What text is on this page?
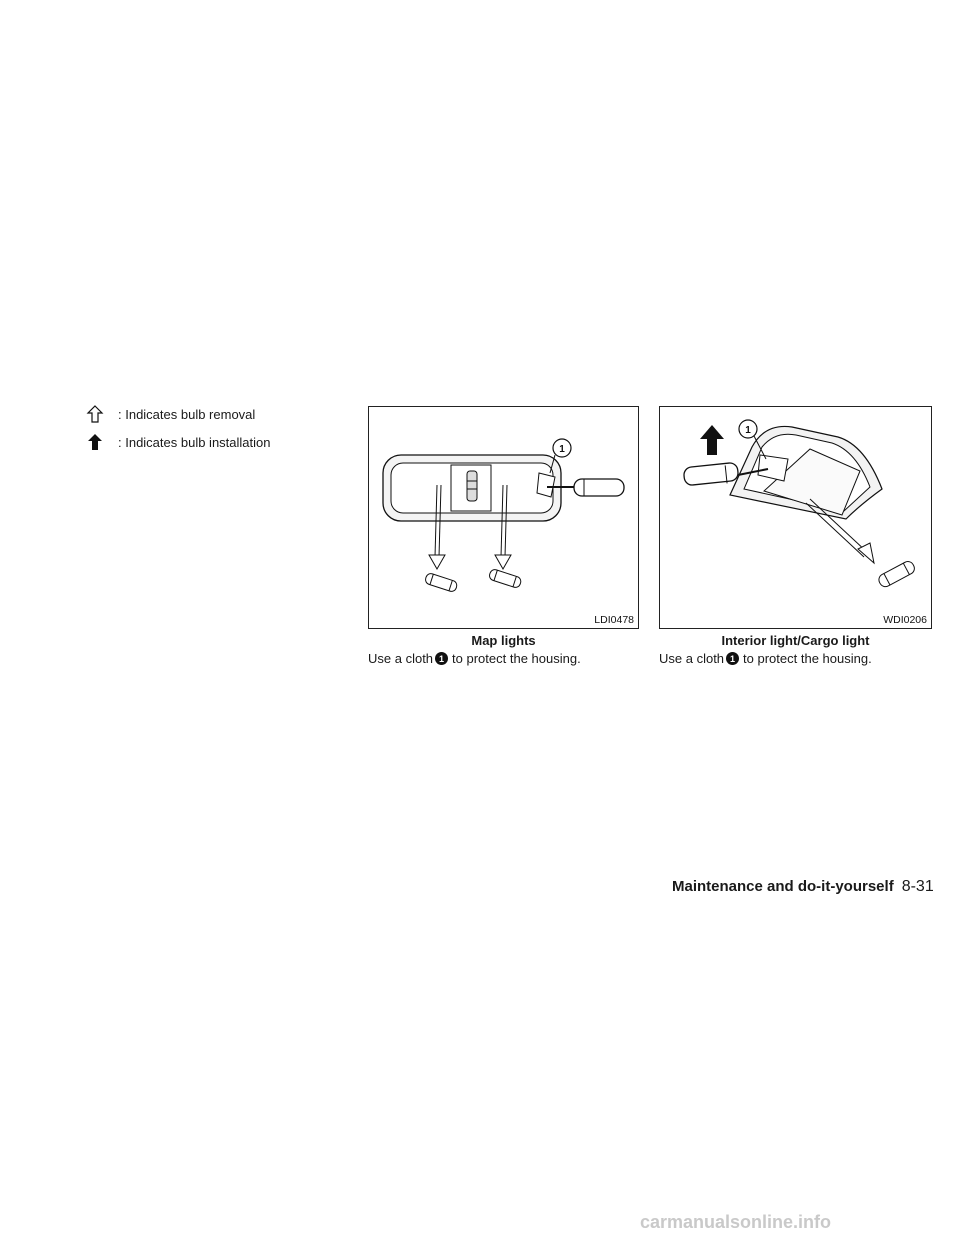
: Indicates bulb removal
: Indicates bulb installation	1
LDI0478
Map lights
Use a cloth 1 to protect the housing.
1
WDI0206
Interior light/Cargo light
Use a cloth 1 to protect the housing.
Maintenance and do-it-yourself 8-31
carmanualsonline.info
